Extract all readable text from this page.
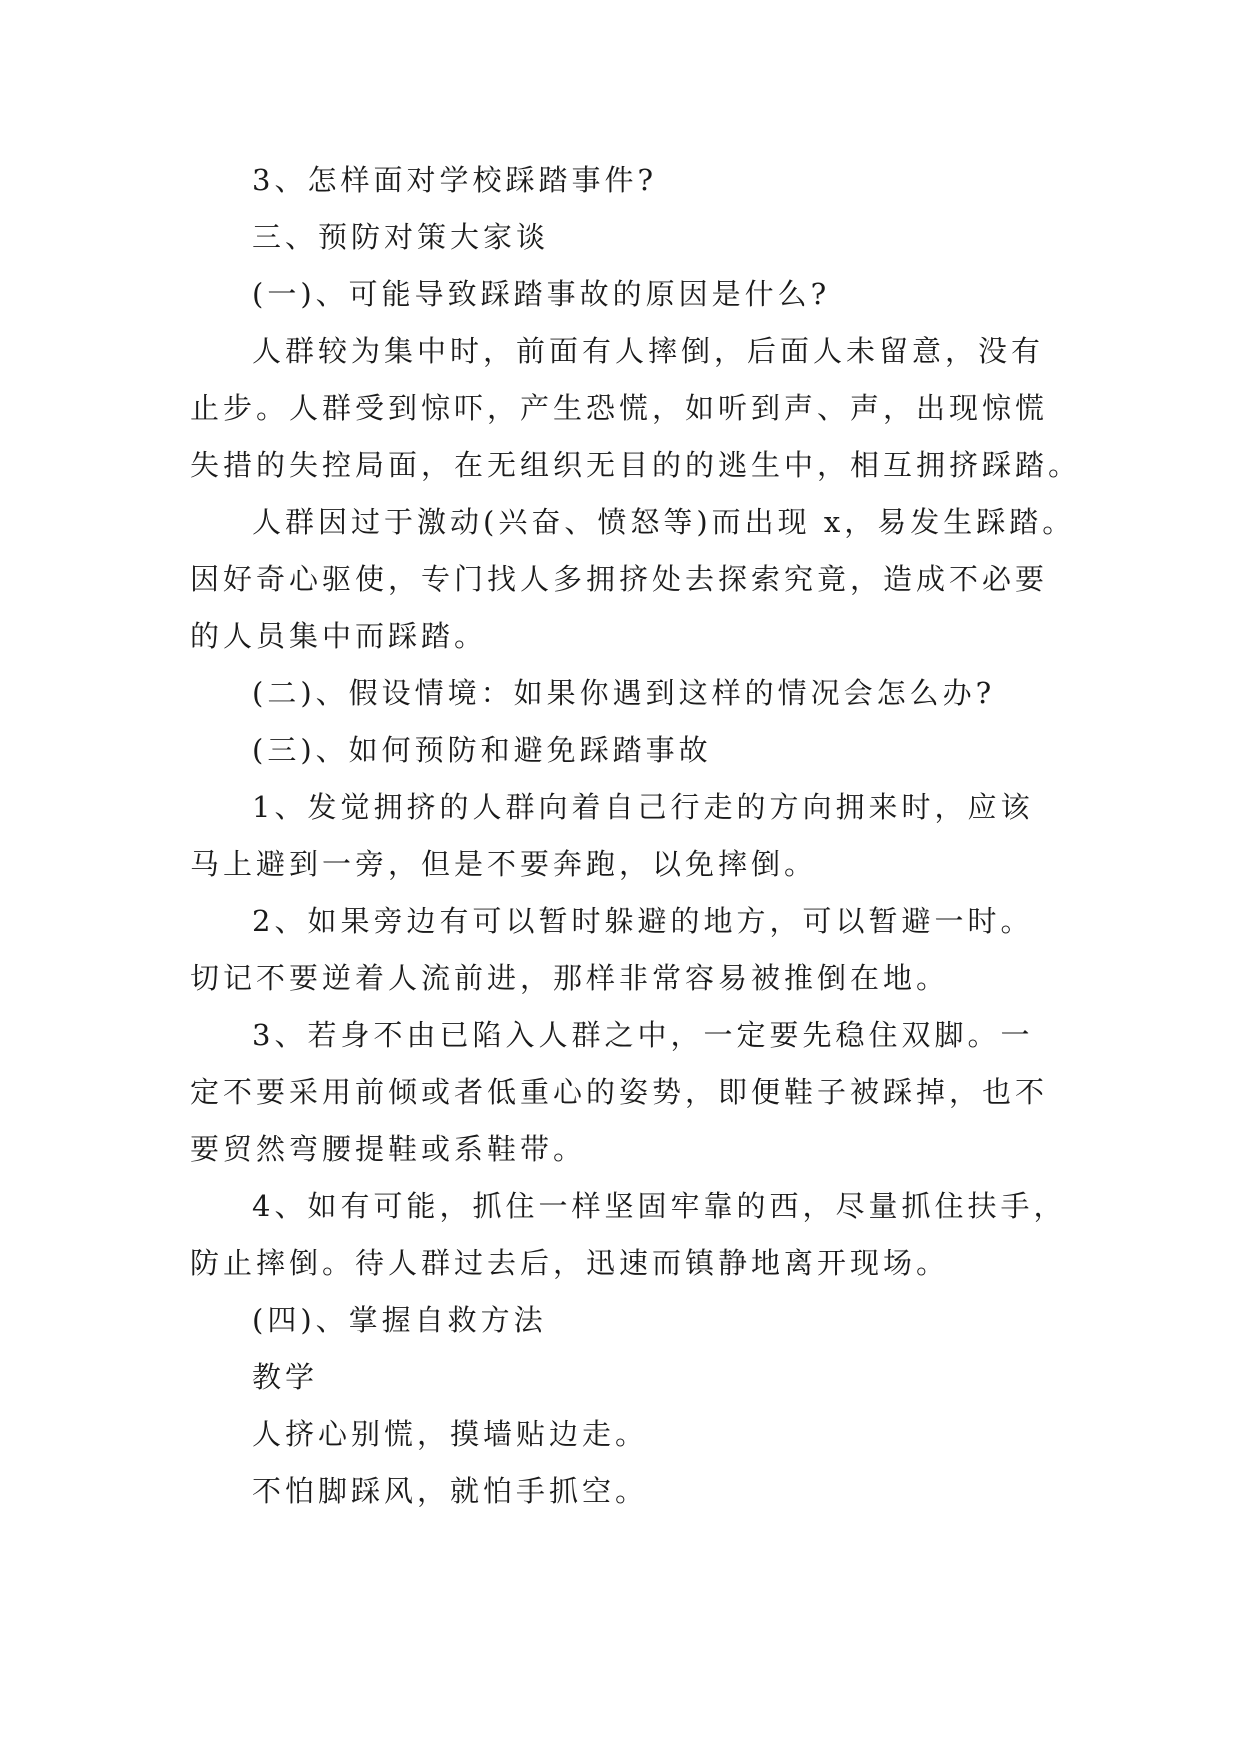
3、怎样面对学校踩踏事件?
三、预防对策大家谈
(一)、可能导致踩踏事故的原因是什么?
人群较为集中时，前面有人摔倒，后面人未留意，没有
止步。人群受到惊吓，产生恐慌，如听到声、声，出现惊慌
失措的失控局面，在无组织无目的的逃生中，相互拥挤踩踏。
人群因过于激动(兴奋、愤怒等)而出现 x，易发生踩踏。
因好奇心驱使，专门找人多拥挤处去探索究竟，造成不必要
的人员集中而踩踏。
(二)、假设情境：如果你遇到这样的情况会怎么办?
(三)、如何预防和避免踩踏事故
1、发觉拥挤的人群向着自己行走的方向拥来时，应该
马上避到一旁，但是不要奔跑，以免摔倒。
2、如果旁边有可以暂时躲避的地方，可以暂避一时。
切记不要逆着人流前进，那样非常容易被推倒在地。
3、若身不由已陷入人群之中，一定要先稳住双脚。一
定不要采用前倾或者低重心的姿势，即便鞋子被踩掉，也不
要贸然弯腰提鞋或系鞋带。
4、如有可能，抓住一样坚固牢靠的西，尽量抓住扶手，
防止摔倒。待人群过去后，迅速而镇静地离开现场。
(四)、掌握自救方法
教学
人挤心别慌，摸墙贴边走。
不怕脚踩风，就怕手抓空。
